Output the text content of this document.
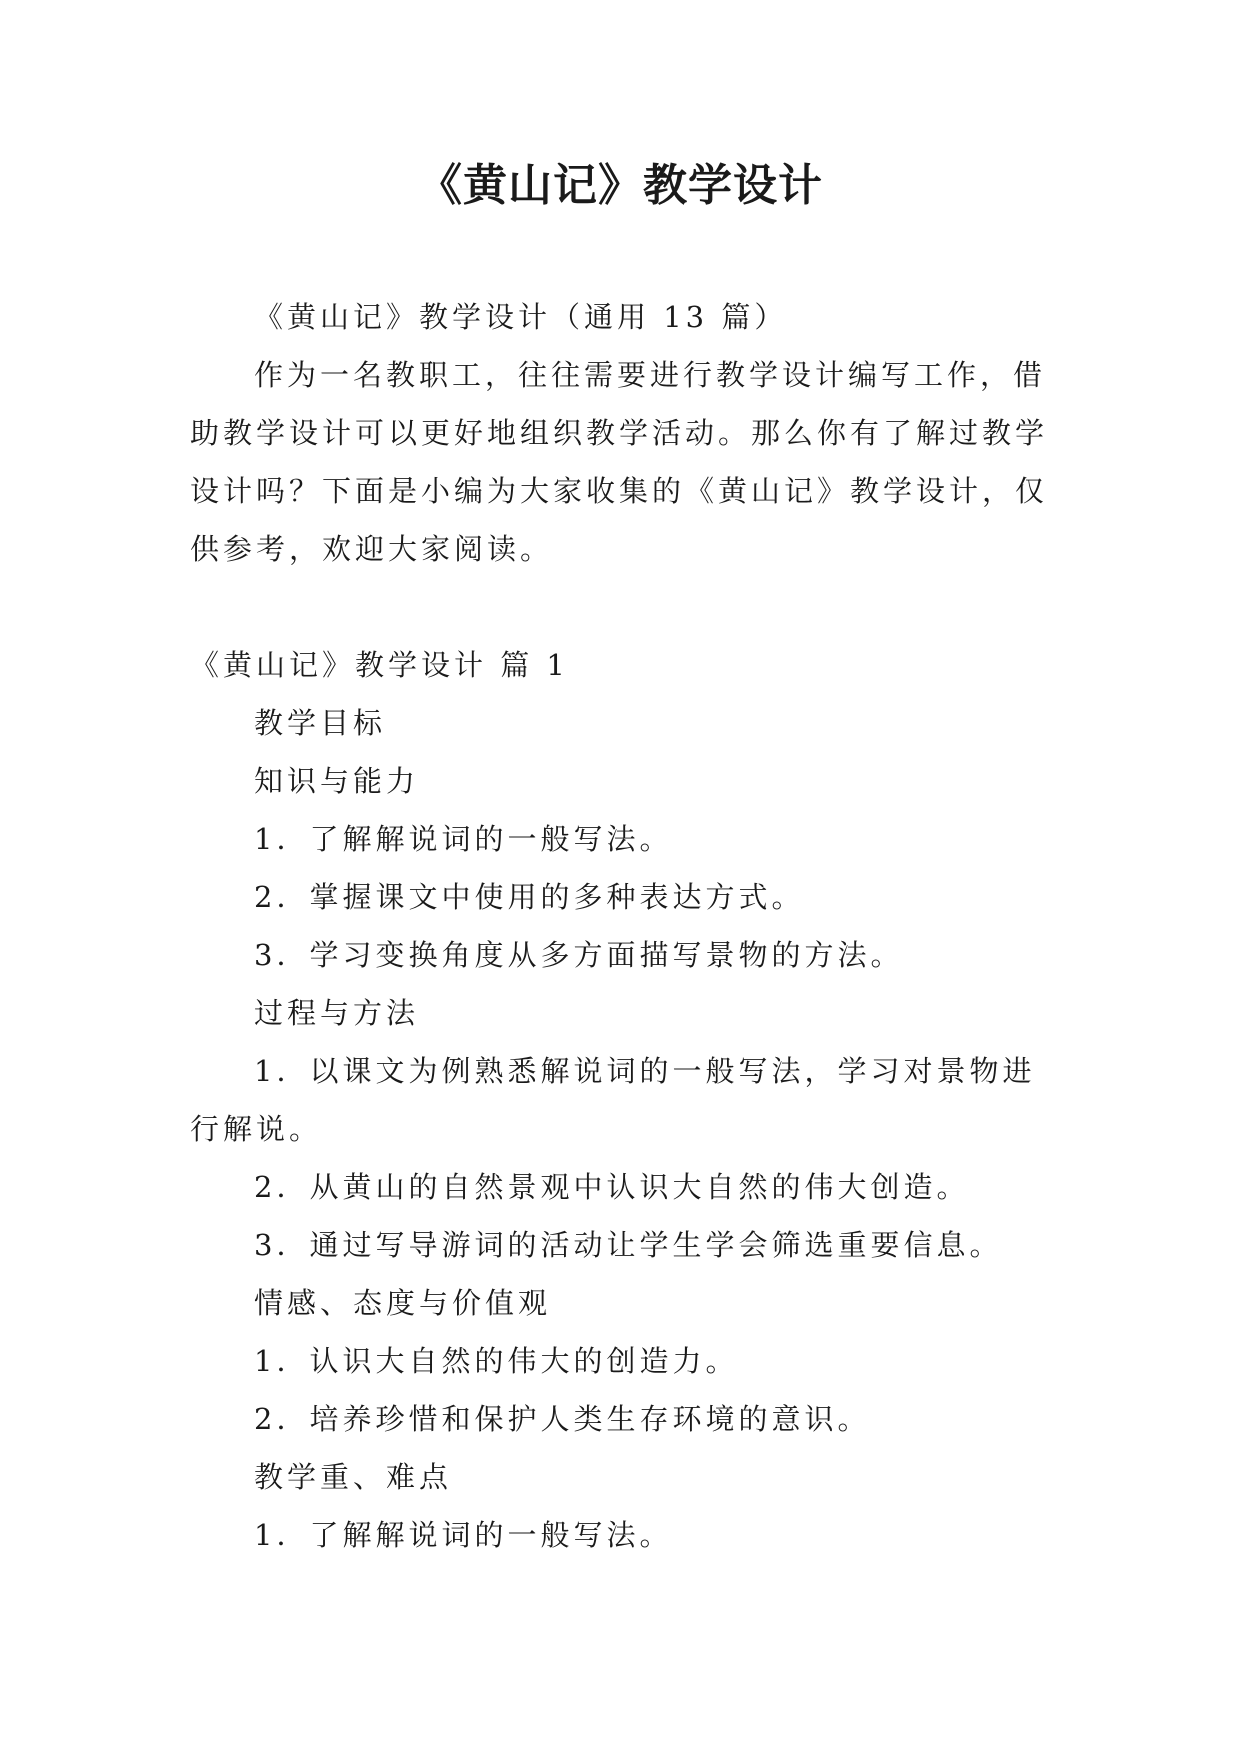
《黄山记》教学设计

《黄山记》教学设计（通用 13 篇）

作为一名教职工，往往需要进行教学设计编写工作，借助教学设计可以更好地组织教学活动。那么你有了解过教学设计吗？下面是小编为大家收集的《黄山记》教学设计，仅供参考，欢迎大家阅读。

《黄山记》教学设计 篇 1

教学目标

知识与能力

1．了解解说词的一般写法。

2．掌握课文中使用的多种表达方式。

3．学习变换角度从多方面描写景物的方法。

过程与方法

1．以课文为例熟悉解说词的一般写法，学习对景物进行解说。

2．从黄山的自然景观中认识大自然的伟大创造。

3．通过写导游词的活动让学生学会筛选重要信息。

情感、态度与价值观

1．认识大自然的伟大的创造力。

2．培养珍惜和保护人类生存环境的意识。

教学重、难点

1．了解解说词的一般写法。
